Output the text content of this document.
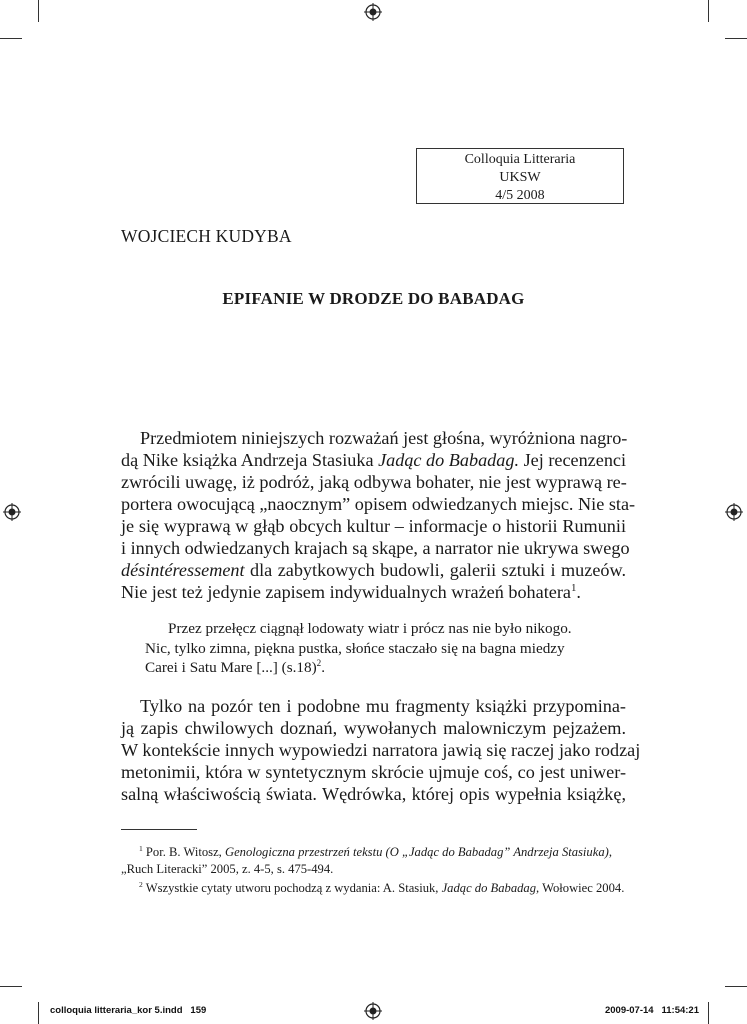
Colloquia Litteraria
UKSW
4/5 2008
WOJCIECH KUDYBA
EPIFANIE W DRODZE DO BABADAG
Przedmiotem niniejszych rozważań jest głośna, wyróżniona nagro-
dą Nike książka Andrzeja Stasiuka Jadąc do Babadag. Jej recenzenci
zwrócili uwagę, iż podróż, jaką odbywa bohater, nie jest wyprawą re-
portera owocującą „naocznym” opisem odwiedzanych miejsc. Nie sta-
je się wyprawą w głąb obcych kultur – informacje o historii Rumunii
i innych odwiedzanych krajach są skąpe, a narrator nie ukrywa swego
désintéressement dla zabytkowych budowli, galerii sztuki i muzeów.
Nie jest też jedynie zapisem indywidualnych wrażeń bohatera$^1$.
Przez przełęcz ciągnął lodowaty wiatr i prócz nas nie było nikogo.
Nic, tylko zimna, piękna pustka, słońce staczało się na bagna miedzy
Carei i Satu Mare [...] $(s.18)^2$.
Tylko na pozór ten i podobne mu fragmenty książki przypomina-
ją zapis chwilowych doznań, wywołanych malowniczym pejzażem.
W kontekście innych wypowiedzi narratora jawią się raczej jako rodzaj
metonimii, która w syntetycznym skrócie ujmuje coś, co jest uniwer-
salną właściwością świata. Wędrówka, której opis wypełnia książkę,
$^1$ Por. B. Witosz, Genologiczna przestrzeń tekstu (O „Jadąc do Babadag” Andrzeja Stasiuka),
„Ruch Literacki” 2005, z. 4-5, s. 475-494.
$^2$ Wszystkie cytaty utworu pochodzą z wydania: A. Stasiuk, Jadąc do Babadag, Wołowiec 2004.
colloquia litteraria_kor 5.indd   159	2009-07-14   11:54:21
